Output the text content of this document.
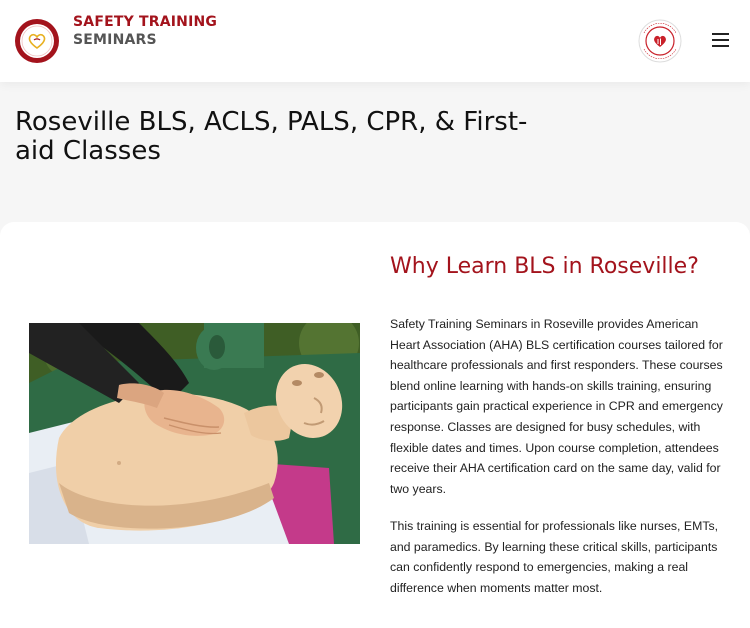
SAFETY TRAINING
SEMINARS
Roseville BLS, ACLS, PALS, CPR, & First-aid Classes
Why Learn BLS in Roseville?

Safety Training Seminars in Roseville provides American Heart Association (AHA) BLS certification courses tailored for healthcare professionals and first responders. These courses blend online learning with hands-on skills training, ensuring participants gain practical experience in CPR and emergency response. Classes are designed for busy schedules, with flexible dates and times. Upon course completion, attendees receive their AHA certification card on the same day, valid for two years.

This training is essential for professionals like nurses, EMTs, and paramedics. By learning these critical skills, participants can confidently respond to emergencies, making a real difference when moments matter most.
